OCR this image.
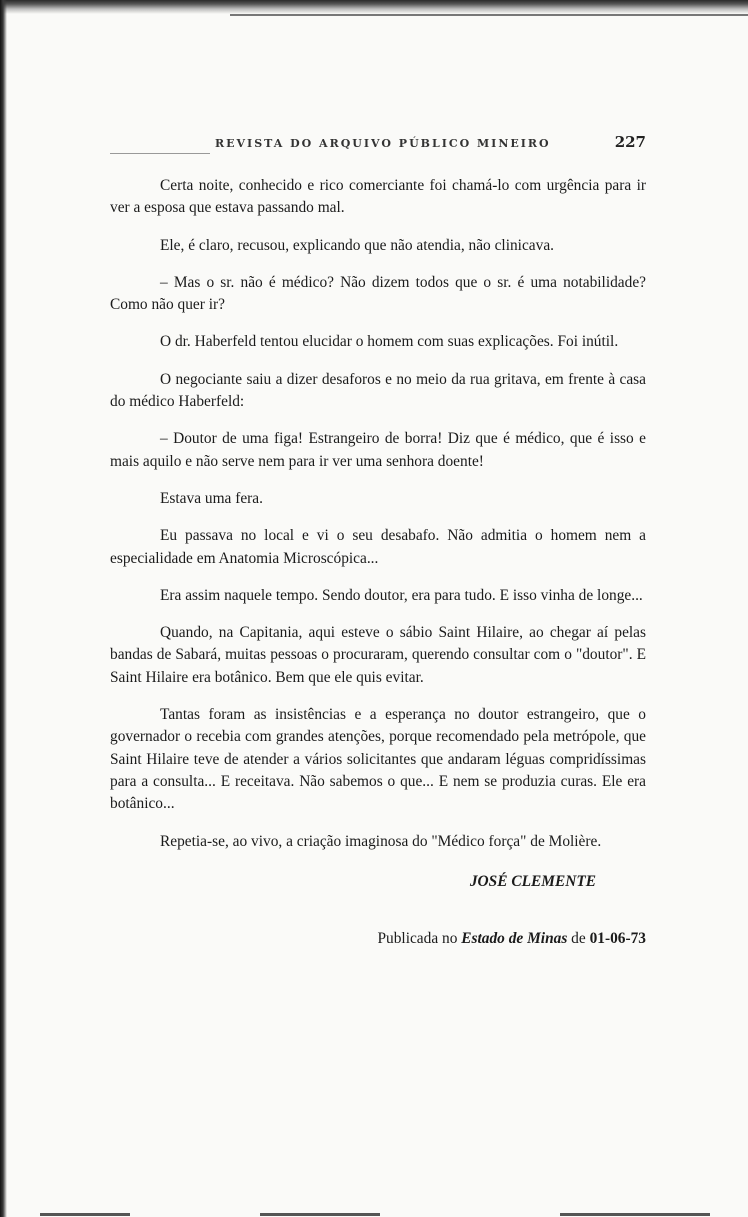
REVISTA DO ARQUIVO PÚBLICO MINEIRO	227

Certa noite, conhecido e rico comerciante foi chamá-lo com urgência para ir ver a esposa que estava passando mal.

Ele, é claro, recusou, explicando que não atendia, não clinicava.

– Mas o sr. não é médico? Não dizem todos que o sr. é uma notabilidade? Como não quer ir?

O dr. Haberfeld tentou elucidar o homem com suas explicações. Foi inútil.

O negociante saiu a dizer desaforos e no meio da rua gritava, em frente à casa do médico Haberfeld:

– Doutor de uma figa! Estrangeiro de borra! Diz que é médico, que é isso e mais aquilo e não serve nem para ir ver uma senhora doente!

Estava uma fera.

Eu passava no local e vi o seu desabafo. Não admitia o homem nem a especialidade em Anatomia Microscópica...

Era assim naquele tempo. Sendo doutor, era para tudo. E isso vinha de longe...

Quando, na Capitania, aqui esteve o sábio Saint Hilaire, ao chegar aí pelas bandas de Sabará, muitas pessoas o procuraram, querendo consultar com o "doutor". E Saint Hilaire era botânico. Bem que ele quis evitar.

Tantas foram as insistências e a esperança no doutor estrangeiro, que o governador o recebia com grandes atenções, porque recomendado pela metrópole, que Saint Hilaire teve de atender a vários solicitantes que andaram léguas compridíssimas para a consulta... E receitava. Não sabemos o que... E nem se produzia curas. Ele era botânico...

Repetia-se, ao vivo, a criação imaginosa do "Médico força" de Molière.

JOSÉ CLEMENTE

Publicada no Estado de Minas de 01-06-73
